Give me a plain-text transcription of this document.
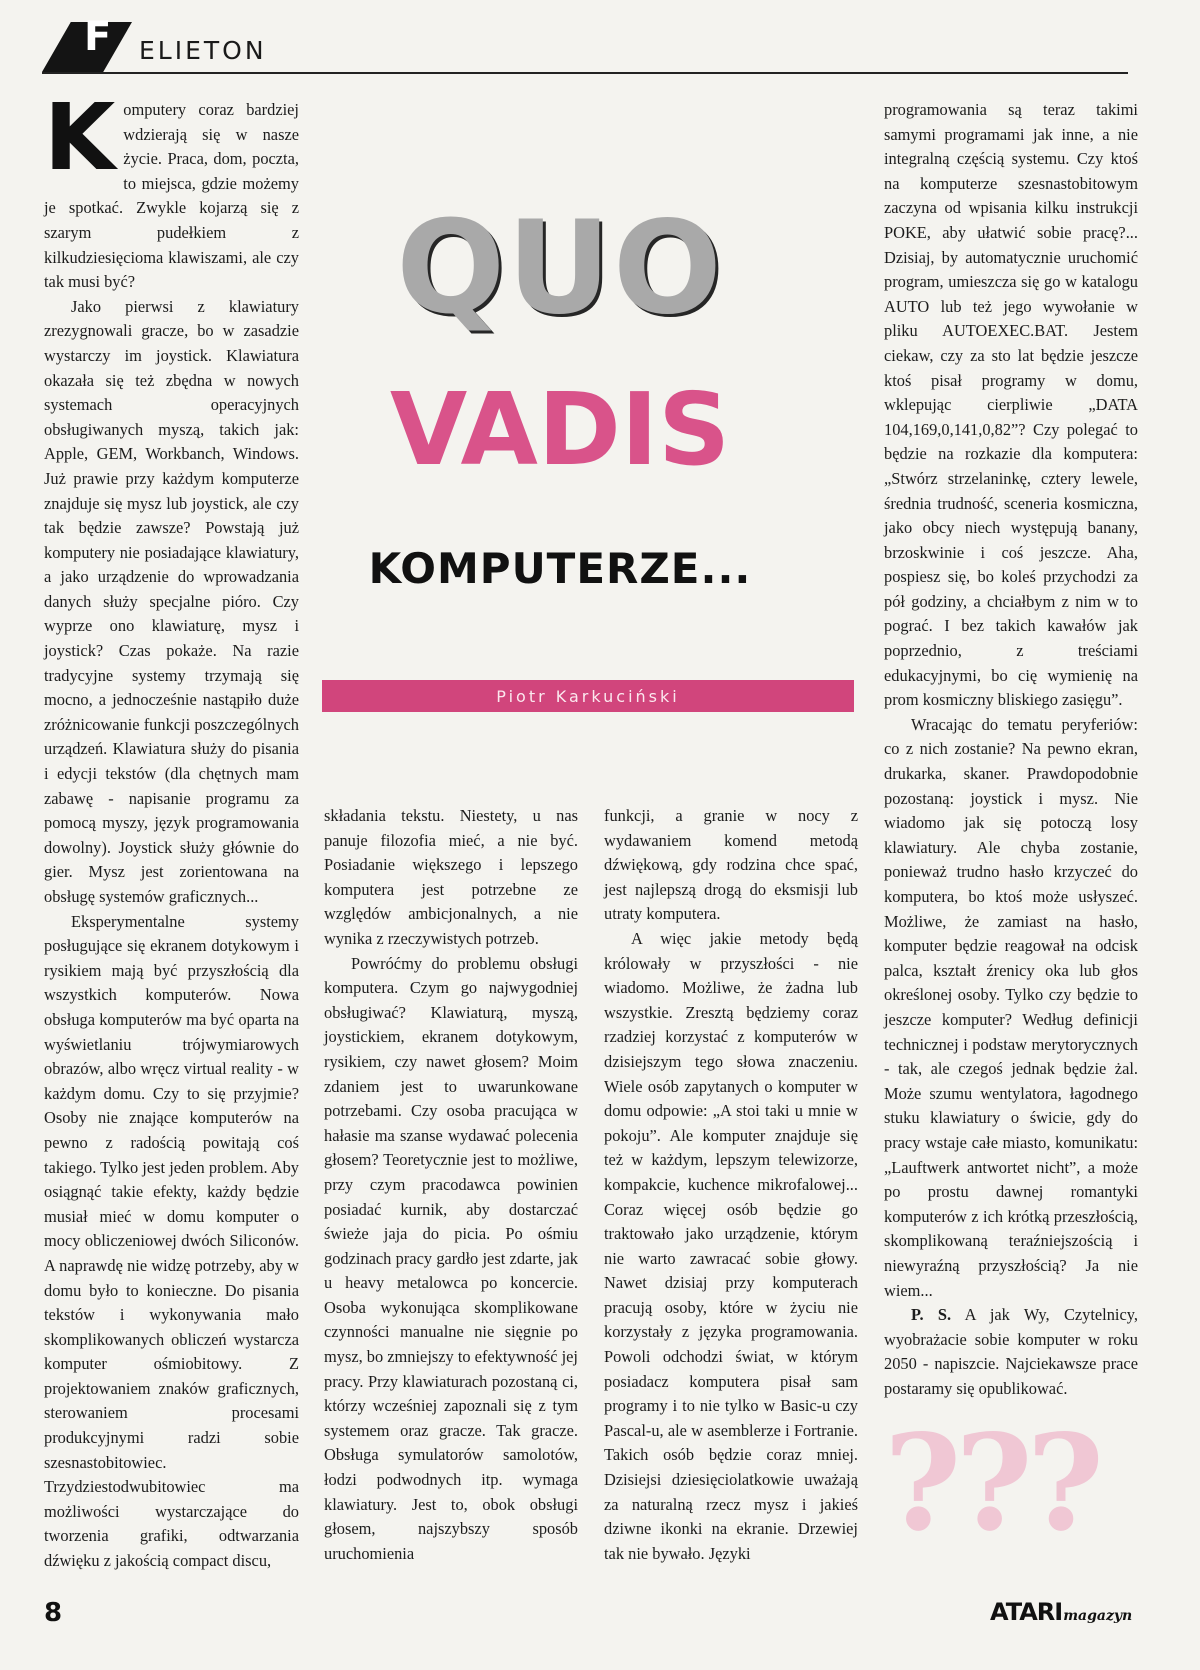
F ELIETON

Komputery coraz bardziej wdzierają się w nasze życie. Praca, dom, poczta, to miejsca, gdzie możemy je spotkać. Zwykle kojarzą się z szarym pudełkiem z kilkudziesięcioma klawiszami, ale czy tak musi być?

Jako pierwsi z klawiatury zrezygnowali gracze, bo w zasadzie wystarczy im joystick. Klawiatura okazała się też zbędna w nowych systemach operacyjnych obsługiwanych myszą, takich jak: Apple, GEM, Workbanch, Windows. Już prawie przy każdym komputerze znajduje się mysz lub joystick, ale czy tak będzie zawsze? Powstają już komputery nie posiadające klawiatury, a jako urządzenie do wprowadzania danych służy specjalne pióro. Czy wyprze ono klawiaturę, mysz i joystick? Czas pokaże. Na razie tradycyjne systemy trzymają się mocno, a jednocześnie nastąpiło duże zróżnicowanie funkcji poszczególnych urządzeń. Klawiatura służy do pisania i edycji tekstów (dla chętnych mam zabawę - napisanie programu za pomocą myszy, język programowania dowolny). Joystick służy głównie do gier. Mysz jest zorientowana na obsługę systemów graficznych...

Eksperymentalne systemy posługujące się ekranem dotykowym i rysikiem mają być przyszłością dla wszystkich komputerów. Nowa obsługa komputerów ma być oparta na wyświetlaniu trójwymiarowych obrazów, albo wręcz virtual reality - w każdym domu. Czy to się przyjmie? Osoby nie znające komputerów na pewno z radością powitają coś takiego. Tylko jest jeden problem. Aby osiągnąć takie efekty, każdy będzie musiał mieć w domu komputer o mocy obliczeniowej dwóch Siliconów. A naprawdę nie widzę potrzeby, aby w domu było to konieczne. Do pisania tekstów i wykonywania mało skomplikowanych obliczeń wystarcza komputer ośmiobitowy. Z projektowaniem znaków graficznych, sterowaniem procesami produkcyjnymi radzi sobie szesnastobitowiec. Trzydziestodwubitowiec ma możliwości wystarczające do tworzenia grafiki, odtwarzania dźwięku z jakością compact discu,

QUO
VADIS
KOMPUTERZE...
Piotr Karkuciński

składania tekstu. Niestety, u nas panuje filozofia mieć, a nie być. Posiadanie większego i lepszego komputera jest potrzebne ze względów ambicjonalnych, a nie wynika z rzeczywistych potrzeb.

Powróćmy do problemu obsługi komputera. Czym go najwygodniej obsługiwać? Klawiaturą, myszą, joystickiem, ekranem dotykowym, rysikiem, czy nawet głosem? Moim zdaniem jest to uwarunkowane potrzebami. Czy osoba pracująca w hałasie ma szanse wydawać polecenia głosem? Teoretycznie jest to możliwe, przy czym pracodawca powinien posiadać kurnik, aby dostarczać świeże jaja do picia. Po ośmiu godzinach pracy gardło jest zdarte, jak u heavy metalowca po koncercie. Osoba wykonująca skomplikowane czynności manualne nie sięgnie po mysz, bo zmniejszy to efektywność jej pracy. Przy klawiaturach pozostaną ci, którzy wcześniej zapoznali się z tym systemem oraz gracze. Tak gracze. Obsługa symulatorów samolotów, łodzi podwodnych itp. wymaga klawiatury. Jest to, obok obsługi głosem, najszybszy sposób uruchomienia

funkcji, a granie w nocy z wydawaniem komend metodą dźwiękową, gdy rodzina chce spać, jest najlepszą drogą do eksmisji lub utraty komputera.

A więc jakie metody będą królowały w przyszłości - nie wiadomo. Możliwe, że żadna lub wszystkie. Zresztą będziemy coraz rzadziej korzystać z komputerów w dzisiejszym tego słowa znaczeniu. Wiele osób zapytanych o komputer w domu odpowie: „A stoi taki u mnie w pokoju”. Ale komputer znajduje się też w każdym, lepszym telewizorze, kompakcie, kuchence mikrofalowej... Coraz więcej osób będzie go traktowało jako urządzenie, którym nie warto zawracać sobie głowy. Nawet dzisiaj przy komputerach pracują osoby, które w życiu nie korzystały z języka programowania. Powoli odchodzi świat, w którym posiadacz komputera pisał sam programy i to nie tylko w Basic-u czy Pascal-u, ale w asemblerze i Fortranie. Takich osób będzie coraz mniej. Dzisiejsi dziesięciolatkowie uważają za naturalną rzecz mysz i jakieś dziwne ikonki na ekranie. Drzewiej tak nie bywało. Języki

programowania są teraz takimi samymi programami jak inne, a nie integralną częścią systemu. Czy ktoś na komputerze szesnastobitowym zaczyna od wpisania kilku instrukcji POKE, aby ułatwić sobie pracę?... Dzisiaj, by automatycznie uruchomić program, umieszcza się go w katalogu AUTO lub też jego wywołanie w pliku AUTOEXEC.BAT. Jestem ciekaw, czy za sto lat będzie jeszcze ktoś pisał programy w domu, wklepując cierpliwie „DATA 104,169,0,141,0,82”? Czy polegać to będzie na rozkazie dla komputera: „Stwórz strzelaninkę, cztery lewele, średnia trudność, sceneria kosmiczna, jako obcy niech występują banany, brzoskwinie i coś jeszcze. Aha, pospiesz się, bo koleś przychodzi za pół godziny, a chciałbym z nim w to pograć. I bez takich kawałów jak poprzednio, z treściami edukacyjnymi, bo cię wymienię na prom kosmiczny bliskiego zasięgu”.

Wracając do tematu peryferiów: co z nich zostanie? Na pewno ekran, drukarka, skaner. Prawdopodobnie pozostaną: joystick i mysz. Nie wiadomo jak się potoczą losy klawiatury. Ale chyba zostanie, ponieważ trudno hasło krzyczeć do komputera, bo ktoś może usłyszeć. Możliwe, że zamiast na hasło, komputer będzie reagował na odcisk palca, kształt źrenicy oka lub głos określonej osoby. Tylko czy będzie to jeszcze komputer? Według definicji technicznej i podstaw merytorycznych - tak, ale czegoś jednak będzie żal. Może szumu wentylatora, łagodnego stuku klawiatury o świcie, gdy do pracy wstaje całe miasto, komunikatu: „Lauftwerk antwortet nicht”, a może po prostu dawnej romantyki komputerów z ich krótką przeszłością, skomplikowaną teraźniejszością i niewyraźną przyszłością? Ja nie wiem...

P. S. A jak Wy, Czytelnicy, wyobrażacie sobie komputer w roku 2050 - napiszcie. Najciekawsze prace postaramy się opublikować.

???
8	ATARImagazyn
